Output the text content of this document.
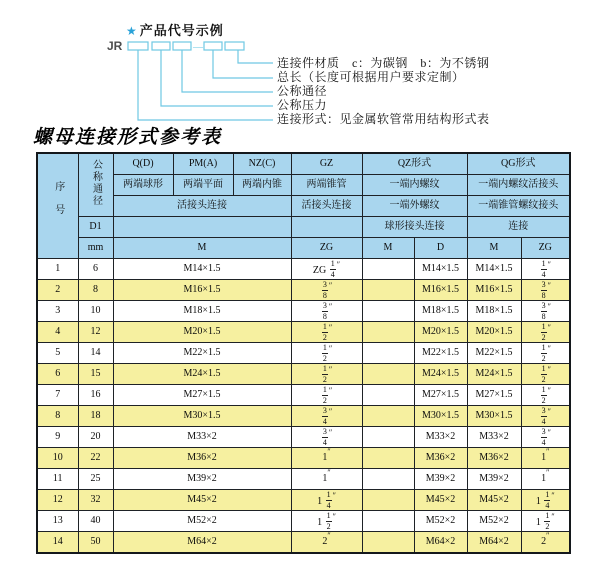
—
★ 产品代号示例
JR
连接件材质　c：为碳钢　b：为不锈钢
总长（长度可根据用户要求定制）
公称通径
公称压力
连接形式：见金属软管常用结构形式表
螺母连接形式参考表
序号	公称通径	Q(D)	PM(A)	NZ(C)	GZ	QZ形式		QG形式	
		两端球形	两端平面	两端内锥	两端锥管	一端内螺纹		一端内螺纹活接头	
		活接头连接			活接头连接	一端外螺纹		一端锥管螺纹接头	
	D1					球形接头连接		连接	
	mm	M			ZG	M	D	M	ZG
1	6	M14×1.5			ZG $\frac{1}{4} ''$		M14×1.5	M14×1.5	$\frac{1}{4} ''$
2	8	M16×1.5			$\frac{3}{8} ''$		M16×1.5	M16×1.5	$\frac{3}{8} ''$
3	10	M18×1.5			$\frac{3}{8} ''$		M18×1.5	M18×1.5	$\frac{3}{8} ''$
4	12	M20×1.5			$\frac{1}{2} ''$		M20×1.5	M20×1.5	$\frac{1}{2} ''$
5	14	M22×1.5			$\frac{1}{2} ''$		M22×1.5	M22×1.5	$\frac{1}{2} ''$
6	15	M24×1.5			$\frac{1}{2} ''$		M24×1.5	M24×1.5	$\frac{1}{2} ''$
7	16	M27×1.5			$\frac{1}{2} ''$		M27×1.5	M27×1.5	$\frac{1}{2} ''$
8	18	M30×1.5			$\frac{3}{4} ''$		M30×1.5	M30×1.5	$\frac{3}{4} ''$
9	20	M33×2			$\frac{3}{4} ''$		M33×2	M33×2	$\frac{3}{4} ''$
10	22	M36×2			1″		M36×2	M36×2	1″
11	25	M39×2			1″		M39×2	M39×2	1″
12	32	M45×2			$1 \frac{1}{4} ''$		M45×2	M45×2	$1 \frac{1}{4} ''$
13	40	M52×2			$1 \frac{1}{2} ''$		M52×2	M52×2	$1 \frac{1}{2} ''$
14	50	M64×2			2″		M64×2	M64×2	2″
